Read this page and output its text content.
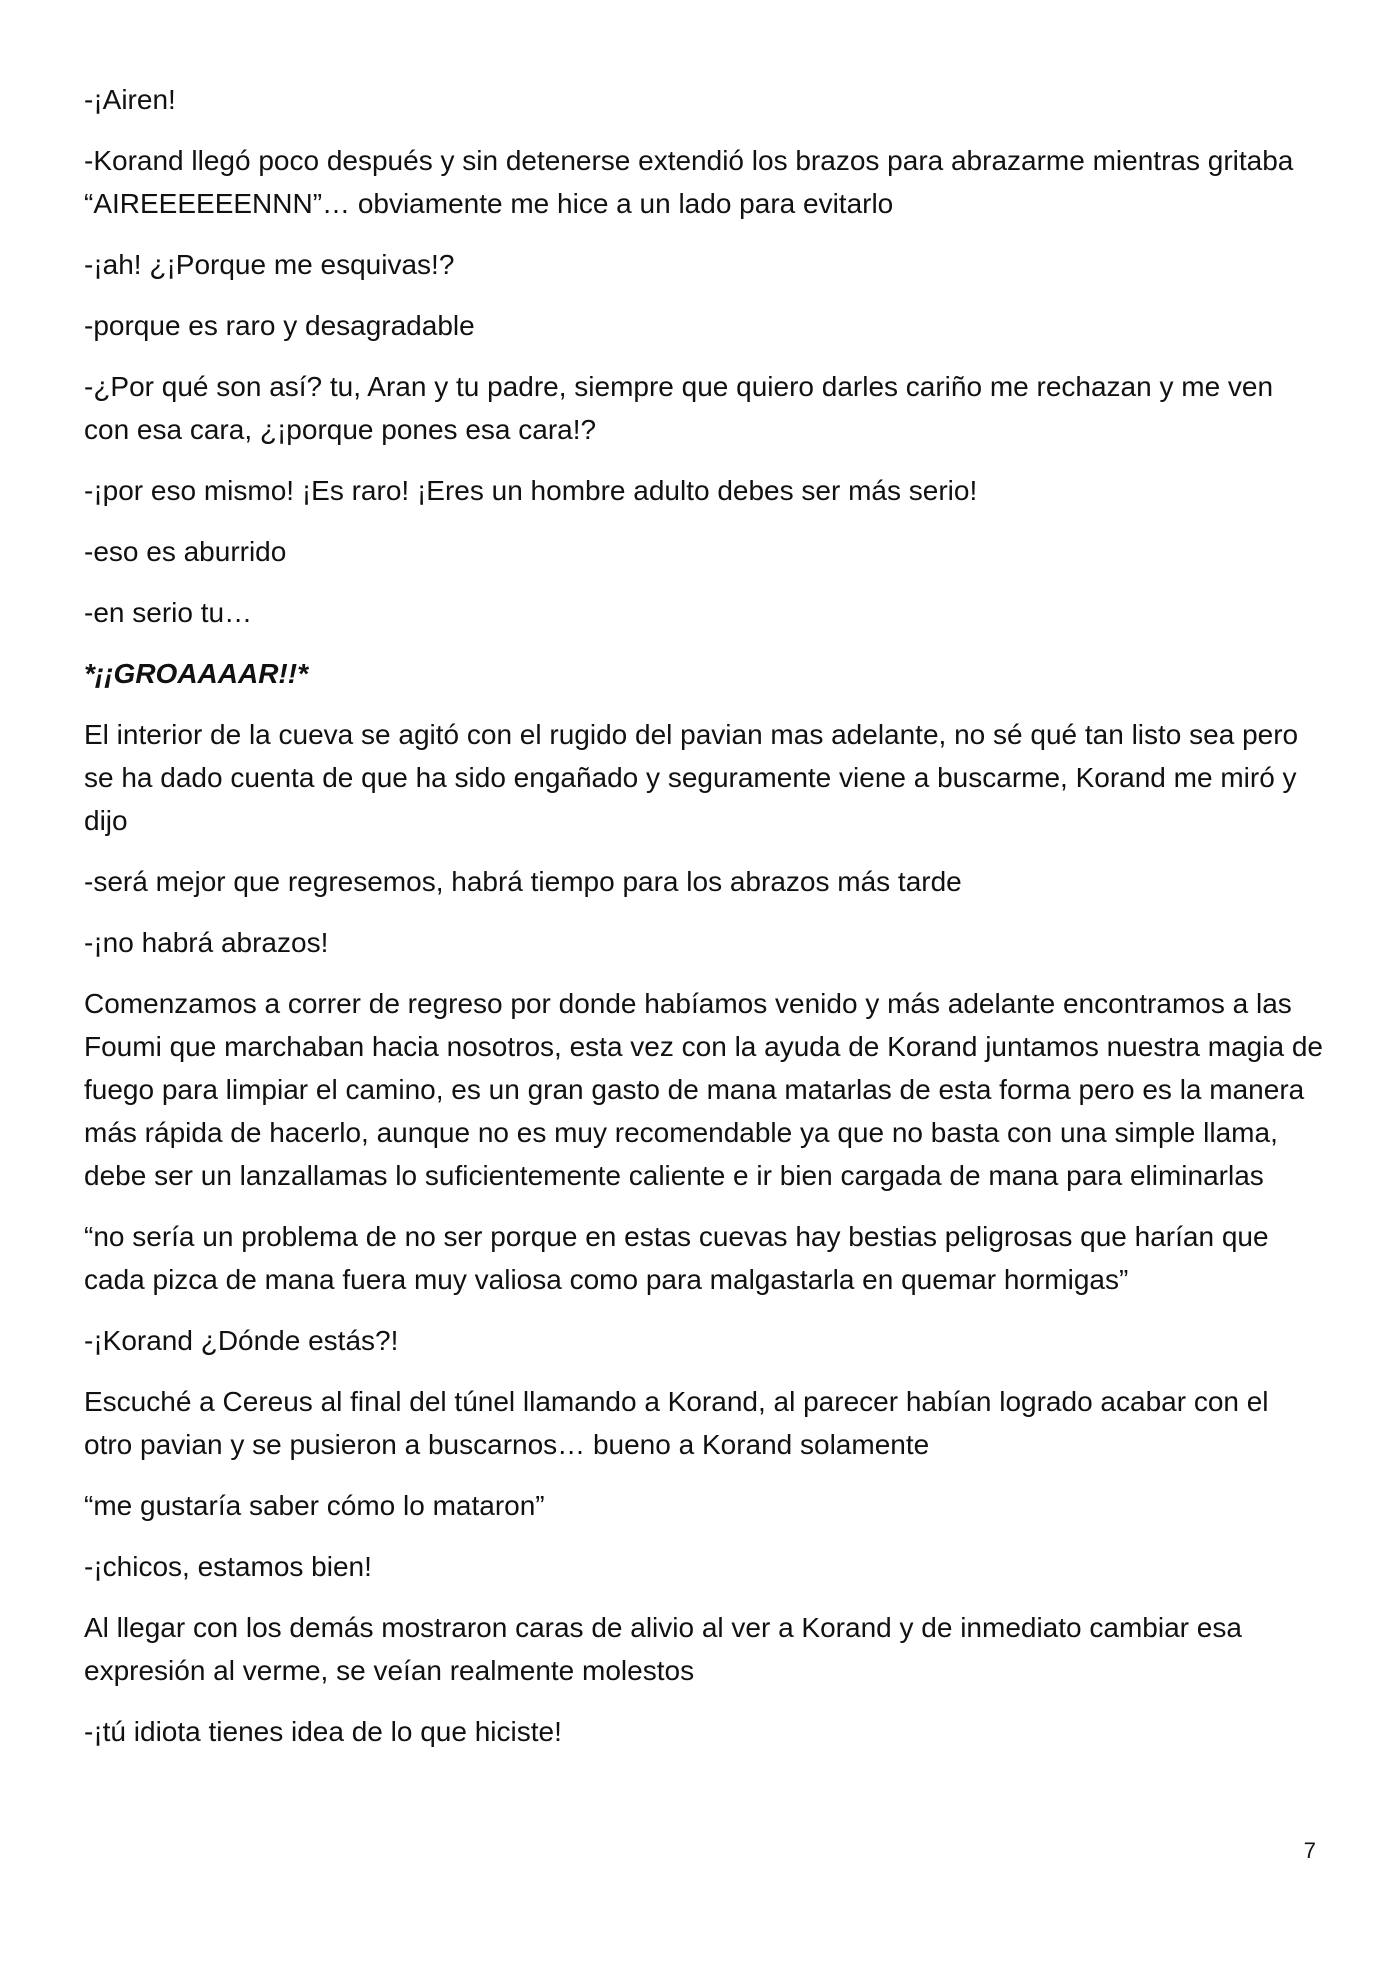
-¡Airen!

-Korand llegó poco después y sin detenerse extendió los brazos para abrazarme mientras gritaba “AIREEEEEENNN”… obviamente me hice a un lado para evitarlo

-¡ah! ¿¡Porque me esquivas!?

-porque es raro y desagradable

-¿Por qué son así? tu, Aran y tu padre, siempre que quiero darles cariño me rechazan y me ven con esa cara, ¿¡porque pones esa cara!?

-¡por eso mismo! ¡Es raro! ¡Eres un hombre adulto debes ser más serio!

-eso es aburrido

-en serio tu…

*¡¡GROAAAAR!!*

El interior de la cueva se agitó con el rugido del pavian mas adelante, no sé qué tan listo sea pero se ha dado cuenta de que ha sido engañado y seguramente viene a buscarme, Korand me miró y dijo

-será mejor que regresemos, habrá tiempo para los abrazos más tarde

-¡no habrá abrazos!

Comenzamos a correr de regreso por donde habíamos venido y más adelante encontramos a las Foumi que marchaban hacia nosotros, esta vez con la ayuda de Korand juntamos nuestra magia de fuego para limpiar el camino, es un gran gasto de mana matarlas de esta forma pero es la manera más rápida de hacerlo, aunque no es muy recomendable ya que no basta con una simple llama, debe ser un lanzallamas lo suficientemente caliente e ir bien cargada de mana para eliminarlas

“no sería un problema de no ser porque en estas cuevas hay bestias peligrosas que harían que cada pizca de mana fuera muy valiosa como para malgastarla en quemar hormigas”

-¡Korand ¿Dónde estás?!

Escuché a Cereus al final del túnel llamando a Korand, al parecer habían logrado acabar con el otro pavian y se pusieron a buscarnos… bueno a Korand solamente

“me gustaría saber cómo lo mataron”

-¡chicos, estamos bien!

Al llegar con los demás mostraron caras de alivio al ver a Korand y de inmediato cambiar esa expresión al verme, se veían realmente molestos

-¡tú idiota tienes idea de lo que hiciste!

7
